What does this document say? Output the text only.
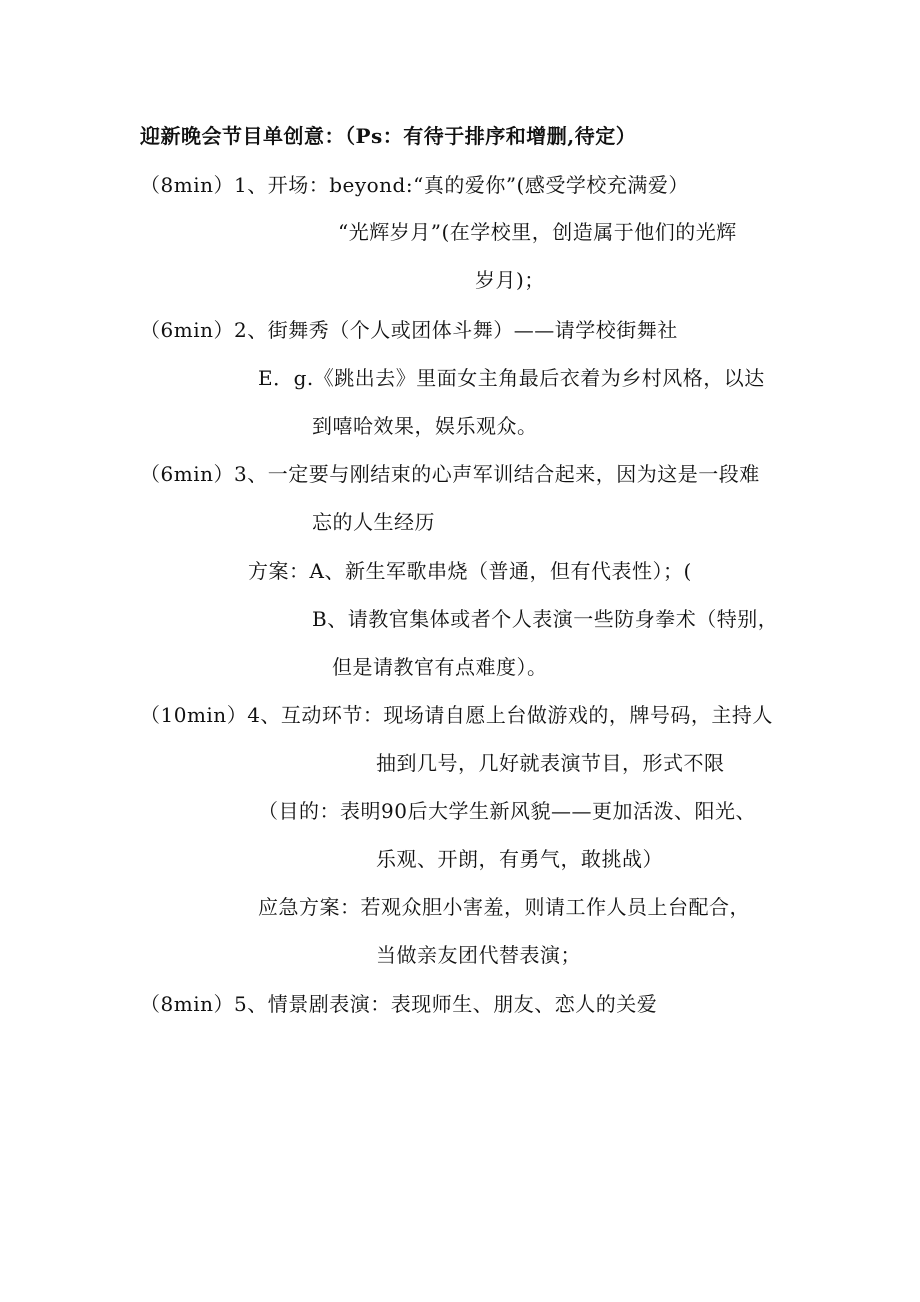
迎新晚会节目单创意：（Ps：有待于排序和增删,待定）
（8min）1、开场：beyond:“真的爱你”(感受学校充满爱）
“光辉岁月”(在学校里，创造属于他们的光辉
岁月)；
（6min）2、街舞秀（个人或团体斗舞）——请学校街舞社
E．g.《跳出去》里面女主角最后衣着为乡村风格，以达
到嘻哈效果，娱乐观众。
（6min）3、一定要与刚结束的心声军训结合起来，因为这是一段难
忘的人生经历
方案：A、新生军歌串烧（普通，但有代表性）；(
B、请教官集体或者个人表演一些防身拳术（特别，
但是请教官有点难度）。
（10min）4、互动环节：现场请自愿上台做游戏的，牌号码，主持人
抽到几号，几好就表演节目，形式不限
（目的：表明90后大学生新风貌——更加活泼、阳光、
乐观、开朗，有勇气，敢挑战）
应急方案：若观众胆小害羞，则请工作人员上台配合，
当做亲友团代替表演；
（8min）5、情景剧表演：表现师生、朋友、恋人的关爱
